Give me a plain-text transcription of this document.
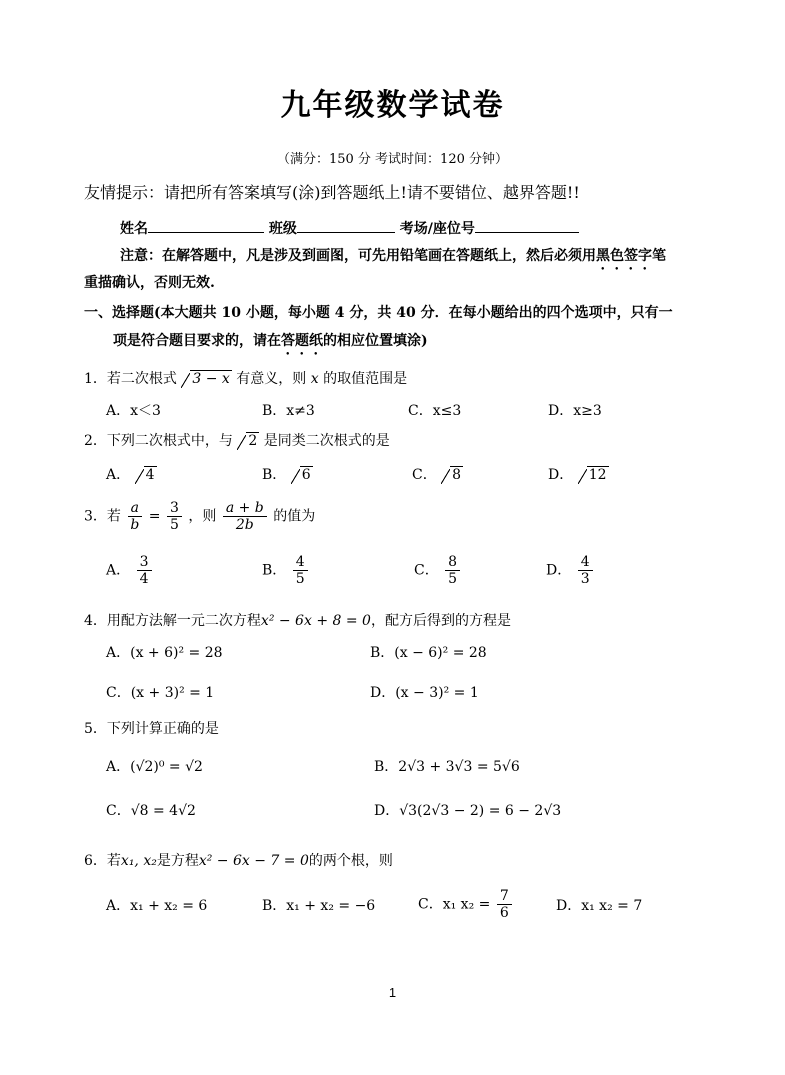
九年级数学试卷
（满分：150 分 考试时间：120 分钟）
友情提示：请把所有答案填写(涂)到答题纸上!请不要错位、越界答题!!
姓名	班级	考场/座位号
注意：在解答题中，凡是涉及到画图，可先用铅笔画在答题纸上，然后必须用黑色签字笔
重描确认，否则无效.
一、选择题(本大题共 10 小题，每小题 4 分，共 40 分．在每小题给出的四个选项中，只有一
项是符合题目要求的，请在答题纸的相应位置填涂)
1．若二次根式 3 − x 有意义，则 x 的取值范围是
A．x＜3	B．x≠3	C．x≤3	D．x≥3
2．下列二次根式中，与 2 是同类二次根式的是
A． 4	B． 6	C． 8	D． 12
3．若 $\frac{a}{b} = \frac{3}{5}$ ，则 $\frac{a + b}{2b}$ 的值为
A． $\frac{3}{4}$	B． $\frac{4}{5}$	C． $\frac{8}{5}$	D． $\frac{4}{3}$
4．用配方法解一元二次方程x² − 6x + 8 = 0，配方后得到的方程是
A．(x + 6)² = 28	B．(x − 6)² = 28
C．(x + 3)² = 1	D．(x − 3)² = 1
5．下列计算正确的是
A．(√2)⁰ = √2	B．2√3 + 3√3 = 5√6
C．√8 = 4√2	D．√3(2√3 − 2) = 6 − 2√3
6．若x₁, x₂是方程x² − 6x − 7 = 0的两个根，则
A．x₁ + x₂ = 6	B．x₁ + x₂ = −6	C．x₁ $x_2 = \frac{7}{6}$	D．x₁ x₂ = 7
1
